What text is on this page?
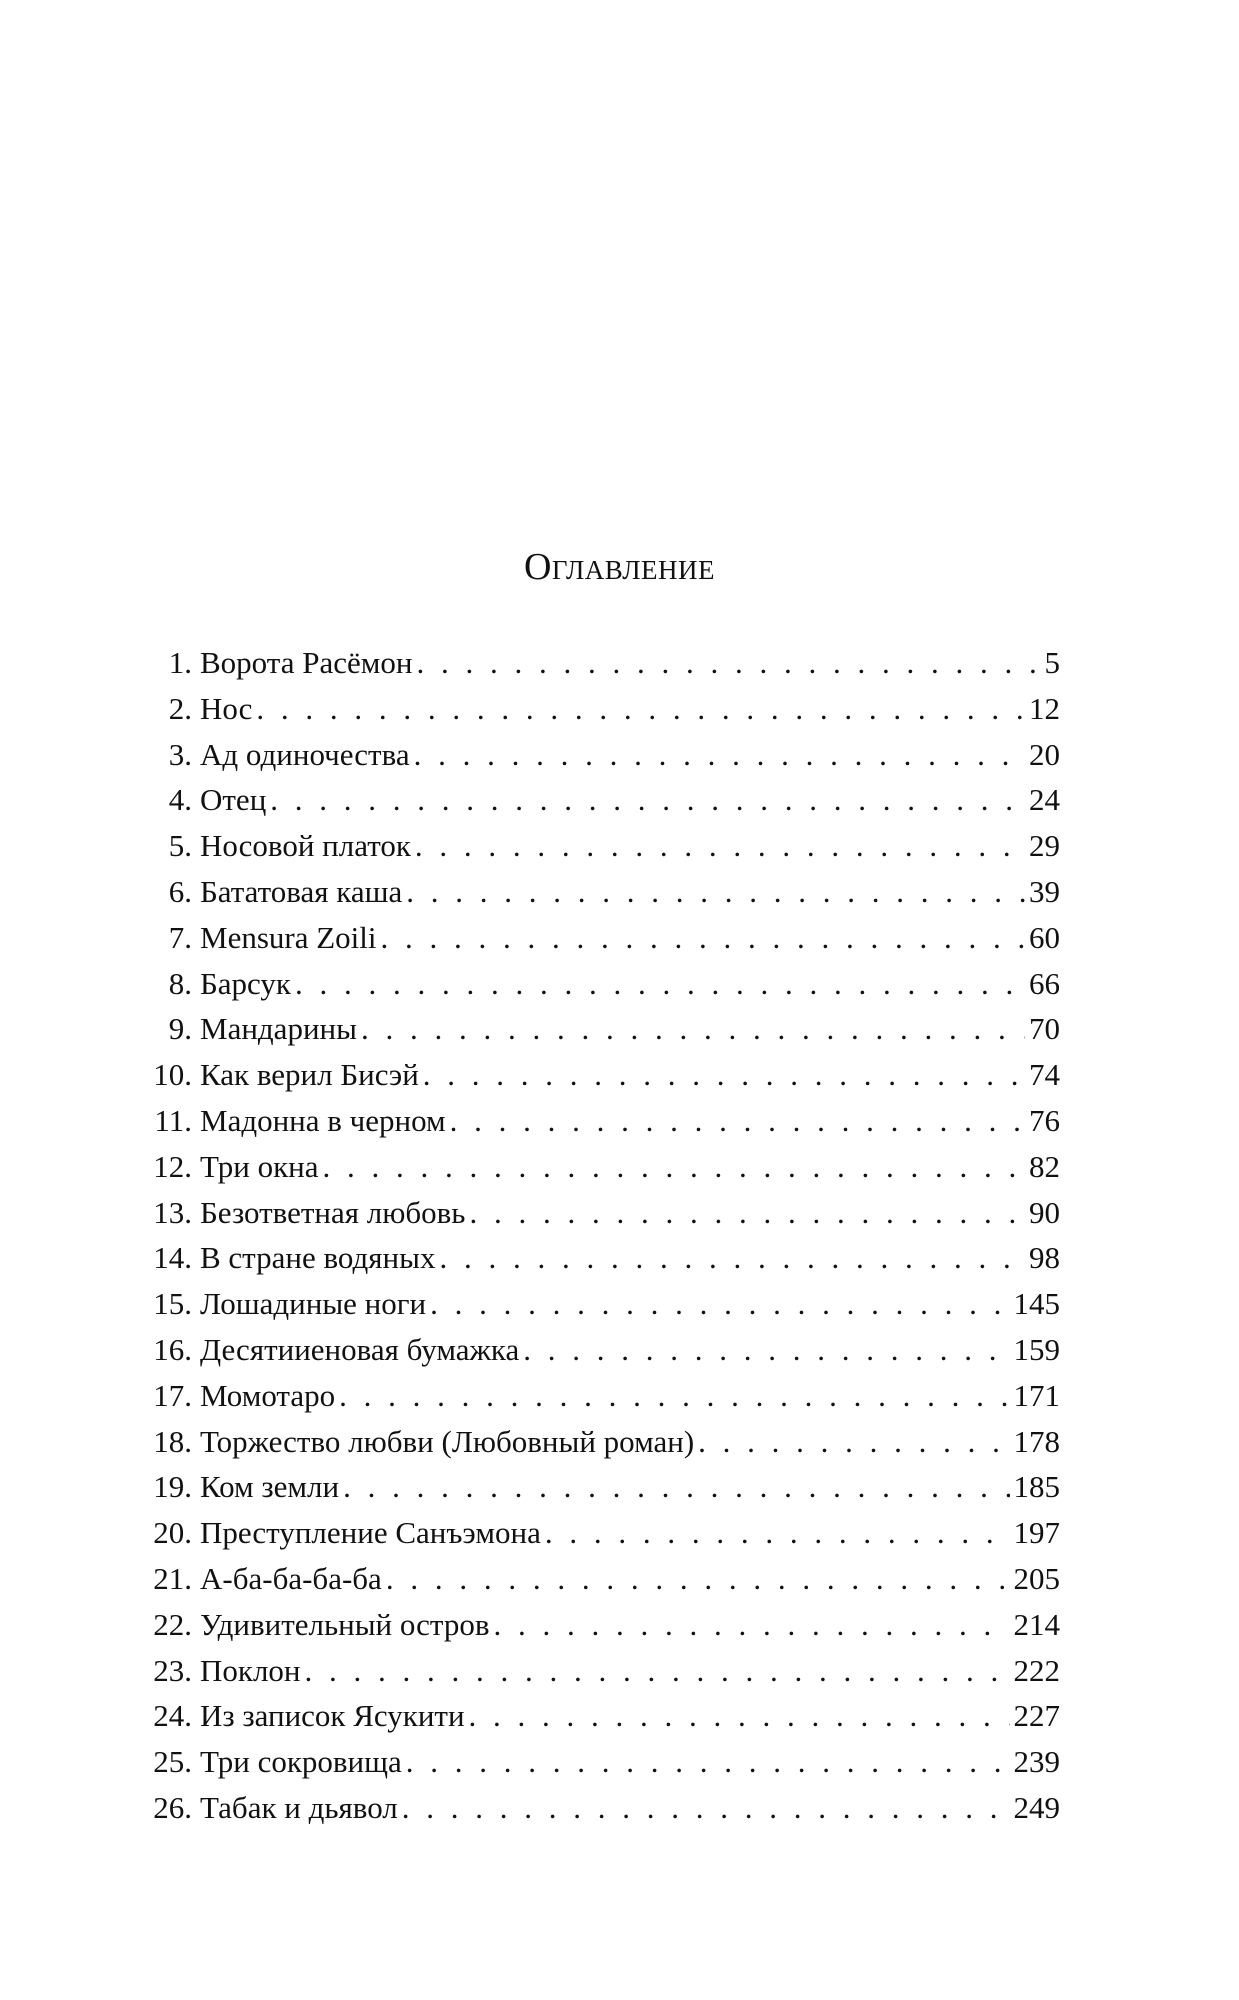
Оглавление
1. Ворота Расёмон . . .	5
2. Нос . . .	12
3. Ад одиночества . . .	20
4. Отец . . .	24
5. Носовой платок . . .	29
6. Бататовая каша . . .	39
7. Mensura Zoili . . .	60
8. Барсук . . .	66
9. Мандарины . . .	70
10. Как верил Бисэй . . .	74
11. Мадонна в черном . . .	76
12. Три окна . . .	82
13. Безответная любовь . . .	90
14. В стране водяных . . .	98
15. Лошадиные ноги . . .	145
16. Десятииеновая бумажка . . .	159
17. Момотаро . . .	171
18. Торжество любви (Любовный роман) . . .	178
19. Ком земли . . .	185
20. Преступление Санъэмона . . .	197
21. А-ба-ба-ба-ба . . .	205
22. Удивительный остров . . .	214
23. Поклон . . .	222
24. Из записок Ясукити . . .	227
25. Три сокровища . . .	239
26. Табак и дьявол . . .	249
